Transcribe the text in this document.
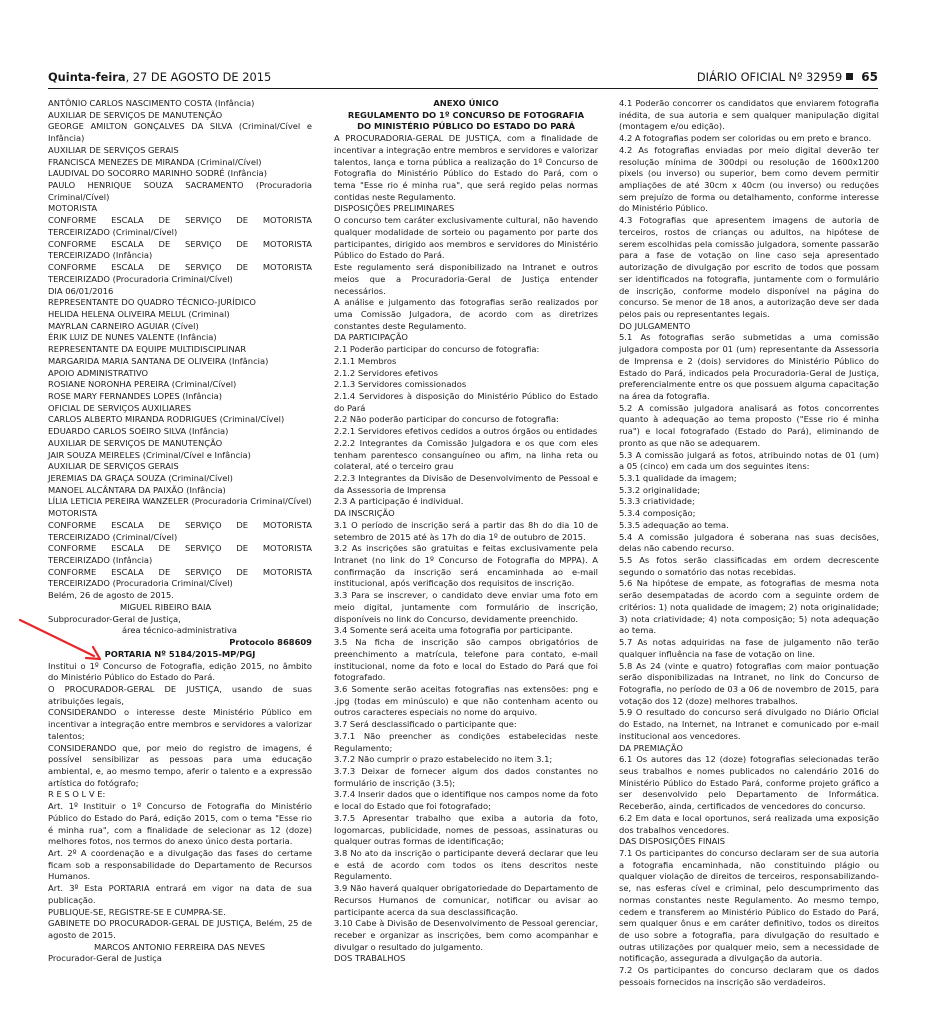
Quinta-feira, 27 DE AGOSTO DE 2015	DIÁRIO OFICIAL Nº 32959 65

ANTÔNIO CARLOS NASCIMENTO COSTA (Infância)

AUXILIAR DE SERVIÇOS DE MANUTENÇÃO

GEORGE AMILTON GONÇALVES DA SILVA (Criminal/Cível e Infância)

AUXILIAR DE SERVIÇOS GERAIS

FRANCISCA MENEZES DE MIRANDA (Criminal/Cível)

LAUDIVAL DO SOCORRO MARINHO SODRÉ (Infância)

PAULO HENRIQUE SOUZA SACRAMENTO (Procuradoria Criminal/Cível)

MOTORISTA

CONFORME ESCALA DE SERVIÇO DE MOTORISTA TERCEIRIZADO (Criminal/Cível)

CONFORME ESCALA DE SERVIÇO DE MOTORISTA TERCEIRIZADO (Infância)

CONFORME ESCALA DE SERVIÇO DE MOTORISTA TERCEIRIZADO (Procuradoria Criminal/Cível)

DIA 06/01/2016

REPRESENTANTE DO QUADRO TÉCNICO-JURÍDICO

HELIDA HELENA OLIVEIRA MELUL (Criminal)

MAYRLAN CARNEIRO AGUIAR (Cível)

ÉRIK LUIZ DE NUNES VALENTE (Infância)

REPRESENTANTE DA EQUIPE MULTIDISCIPLINAR

MARGARIDA MARIA SANTANA DE OLIVEIRA (Infância)

APOIO ADMINISTRATIVO

ROSIANE NORONHA PEREIRA (Criminal/Cível)

ROSE MARY FERNANDES LOPES (Infância)

OFICIAL DE SERVIÇOS AUXILIARES

CARLOS ALBERTO MIRANDA RODRIGUES (Criminal/Cível)

EDUARDO CARLOS SOEIRO SILVA (Infância)

AUXILIAR DE SERVIÇOS DE MANUTENÇÃO

JAIR SOUZA MEIRELES (Criminal/Cível e Infância)

AUXILIAR DE SERVIÇOS GERAIS

JEREMIAS DA GRAÇA SOUZA (Criminal/Cível)

MANOEL ALCÂNTARA DA PAIXÃO (Infância)

LÍLIA LETICIA PEREIRA WANZELER (Procuradoria Criminal/Cível)

MOTORISTA

CONFORME ESCALA DE SERVIÇO DE MOTORISTA TERCEIRIZADO (Criminal/Cível)

CONFORME ESCALA DE SERVIÇO DE MOTORISTA TERCEIRIZADO (Infância)

CONFORME ESCALA DE SERVIÇO DE MOTORISTA TERCEIRIZADO (Procuradoria Criminal/Cível)

Belém, 26 de agosto de 2015.

MIGUEL RIBEIRO BAIA

Subprocurador-Geral de Justiça,

área técnico-administrativa

Protocolo 868609

PORTARIA Nº 5184/2015-MP/PGJ

Institui o 1º Concurso de Fotografia, edição 2015, no âmbito do Ministério Público do Estado do Pará.

O PROCURADOR-GERAL DE JUSTIÇA, usando de suas atribuições legais,

CONSIDERANDO o interesse deste Ministério Público em incentivar a integração entre membros e servidores a valorizar talentos;

CONSIDERANDO que, por meio do registro de imagens, é possível sensibilizar as pessoas para uma educação ambiental, e, ao mesmo tempo, aferir o talento e a expressão artística do fotógrafo;

R E S O L V E:

Art. 1º Instituir o 1º Concurso de Fotografia do Ministério Público do Estado do Pará, edição 2015, com o tema "Esse rio é minha rua", com a finalidade de selecionar as 12 (doze) melhores fotos, nos termos do anexo único desta portaria.

Art. 2º A coordenação e a divulgação das fases do certame ficam sob a responsabilidade do Departamento de Recursos Humanos.

Art. 3º Esta PORTARIA entrará em vigor na data de sua publicação.

PUBLIQUE-SE, REGISTRE-SE E CUMPRA-SE.

GABINETE DO PROCURADOR-GERAL DE JUSTIÇA, Belém, 25 de agosto de 2015.

MARCOS ANTONIO FERREIRA DAS NEVES

Procurador-Geral de Justiça

ANEXO ÚNICO

REGULAMENTO DO 1º CONCURSO DE FOTOGRAFIA

DO MINISTÉRIO PÚBLICO DO ESTADO DO PARÁ

A PROCURADORIA-GERAL DE JUSTIÇA, com a finalidade de incentivar a integração entre membros e servidores e valorizar talentos, lança e torna pública a realização do 1º Concurso de Fotografia do Ministério Público do Estado do Pará, com o tema "Esse rio é minha rua", que será regido pelas normas contidas neste Regulamento.

DISPOSIÇÕES PRELIMINARES

O concurso tem caráter exclusivamente cultural, não havendo qualquer modalidade de sorteio ou pagamento por parte dos participantes, dirigido aos membros e servidores do Ministério Público do Estado do Pará.

Este regulamento será disponibilizado na Intranet e outros meios que a Procuradoria-Geral de Justiça entender necessários.

A análise e julgamento das fotografias serão realizados por uma Comissão Julgadora, de acordo com as diretrizes constantes deste Regulamento.

DA PARTICIPAÇÃO

2.1 Poderão participar do concurso de fotografia:

2.1.1 Membros

2.1.2 Servidores efetivos

2.1.3 Servidores comissionados

2.1.4 Servidores à disposição do Ministério Público do Estado do Pará

2.2 Não poderão participar do concurso de fotografia:

2.2.1 Servidores efetivos cedidos a outros órgãos ou entidades

2.2.2 Integrantes da Comissão Julgadora e os que com eles tenham parentesco consanguíneo ou afim, na linha reta ou colateral, até o terceiro grau

2.2.3 Integrantes da Divisão de Desenvolvimento de Pessoal e da Assessoria de Imprensa

2.3 A participação é individual.

DA INSCRIÇÃO

3.1 O período de inscrição será a partir das 8h do dia 10 de setembro de 2015 até às 17h do dia 1º de outubro de 2015.

3.2 As inscrições são gratuitas e feitas exclusivamente pela Intranet (no link do 1º Concurso de Fotografia do MPPA). A confirmação da inscrição será encaminhada ao e-mail institucional, após verificação dos requisitos de inscrição.

3.3 Para se inscrever, o candidato deve enviar uma foto em meio digital, juntamente com formulário de inscrição, disponíveis no link do Concurso, devidamente preenchido.

3.4 Somente será aceita uma fotografia por participante.

3.5 Na ficha de inscrição são campos obrigatórios de preenchimento a matrícula, telefone para contato, e-mail institucional, nome da foto e local do Estado do Pará que foi fotografado.

3.6 Somente serão aceitas fotografias nas extensões: png e .jpg (todas em minúsculo) e que não contenham acento ou outros caracteres especiais no nome do arquivo.

3.7 Será desclassificado o participante que:

3.7.1 Não preencher as condições estabelecidas neste Regulamento;

3.7.2 Não cumprir o prazo estabelecido no item 3.1;

3.7.3 Deixar de fornecer algum dos dados constantes no formulário de inscrição (3.5);

3.7.4 Inserir dados que o identifique nos campos nome da foto e local do Estado que foi fotografado;

3.7.5 Apresentar trabalho que exiba a autoria da foto, logomarcas, publicidade, nomes de pessoas, assinaturas ou qualquer outras formas de identificação;

3.8 No ato da inscrição o participante deverá declarar que leu e está de acordo com todos os itens descritos neste Regulamento.

3.9 Não haverá qualquer obrigatoriedade do Departamento de Recursos Humanos de comunicar, notificar ou avisar ao participante acerca da sua desclassificação.

3.10 Cabe à Divisão de Desenvolvimento de Pessoal gerenciar, receber e organizar as inscrições, bem como acompanhar e divulgar o resultado do julgamento.

DOS TRABALHOS

4.1 Poderão concorrer os candidatos que enviarem fotografia inédita, de sua autoria e sem qualquer manipulação digital (montagem e/ou edição).

4.2 A fotografias podem ser coloridas ou em preto e branco.

4.2 As fotografias enviadas por meio digital deverão ter resolução mínima de 300dpi ou resolução de 1600x1200 pixels (ou inverso) ou superior, bem como devem permitir ampliações de até 30cm x 40cm (ou inverso) ou reduções sem prejuízo de forma ou detalhamento, conforme interesse do Ministério Público.

4.3 Fotografias que apresentem imagens de autoria de terceiros, rostos de crianças ou adultos, na hipótese de serem escolhidas pela comissão julgadora, somente passarão para a fase de votação on line caso seja apresentado autorização de divulgação por escrito de todos que possam ser identificados na fotografia, juntamente com o formulário de inscrição, conforme modelo disponível na página do concurso. Se menor de 18 anos, a autorização deve ser dada pelos pais ou representantes legais.

DO JULGAMENTO

5.1 As fotografias serão submetidas a uma comissão julgadora composta por 01 (um) representante da Assessoria de Imprensa e 2 (dois) servidores do Ministério Público do Estado do Pará, indicados pela Procuradoria-Geral de Justiça, preferencialmente entre os que possuem alguma capacitação na área da fotografia.

5.2 A comissão julgadora analisará as fotos concorrentes quanto à adequação ao tema proposto ("Esse rio é minha rua") e local fotografado (Estado do Pará), eliminando de pronto as que não se adequarem.

5.3 A comissão julgará as fotos, atribuindo notas de 01 (um) a 05 (cinco) em cada um dos seguintes itens:

5.3.1 qualidade da imagem;

5.3.2 originalidade;

5.3.3 criatividade;

5.3.4 composição;

5.3.5 adequação ao tema.

5.4 A comissão julgadora é soberana nas suas decisões, delas não cabendo recurso.

5.5 As fotos serão classificadas em ordem decrescente segundo o somatório das notas recebidas.

5.6 Na hipótese de empate, as fotografias de mesma nota serão desempatadas de acordo com a seguinte ordem de critérios: 1) nota qualidade de imagem; 2) nota originalidade; 3) nota criatividade; 4) nota composição; 5) nota adequação ao tema.

5.7 As notas adquiridas na fase de julgamento não terão qualquer influência na fase de votação on line.

5.8 As 24 (vinte e quatro) fotografias com maior pontuação serão disponibilizadas na Intranet, no link do Concurso de Fotografia, no período de 03 a 06 de novembro de 2015, para votação dos 12 (doze) melhores trabalhos.

5.9 O resultado do concurso será divulgado no Diário Oficial do Estado, na Internet, na Intranet e comunicado por e-mail institucional aos vencedores.

DA PREMIAÇÃO

6.1 Os autores das 12 (doze) fotografias selecionadas terão seus trabalhos e nomes publicados no calendário 2016 do Ministério Público do Estado Pará, conforme projeto gráfico a ser desenvolvido pelo Departamento de Informática. Receberão, ainda, certificados de vencedores do concurso.

6.2 Em data e local oportunos, será realizada uma exposição dos trabalhos vencedores.

DAS DISPOSIÇÕES FINAIS

7.1 Os participantes do concurso declaram ser de sua autoria a fotografia encaminhada, não constituindo plágio ou qualquer violação de direitos de terceiros, responsabilizando-se, nas esferas cível e criminal, pelo descumprimento das normas constantes neste Regulamento. Ao mesmo tempo, cedem e transferem ao Ministério Público do Estado do Pará, sem qualquer ônus e em caráter definitivo, todos os direitos de uso sobre a fotografia, para divulgação do resultado e outras utilizações por qualquer meio, sem a necessidade de notificação, assegurada a divulgação da autoria.

7.2 Os participantes do concurso declaram que os dados pessoais fornecidos na inscrição são verdadeiros.
